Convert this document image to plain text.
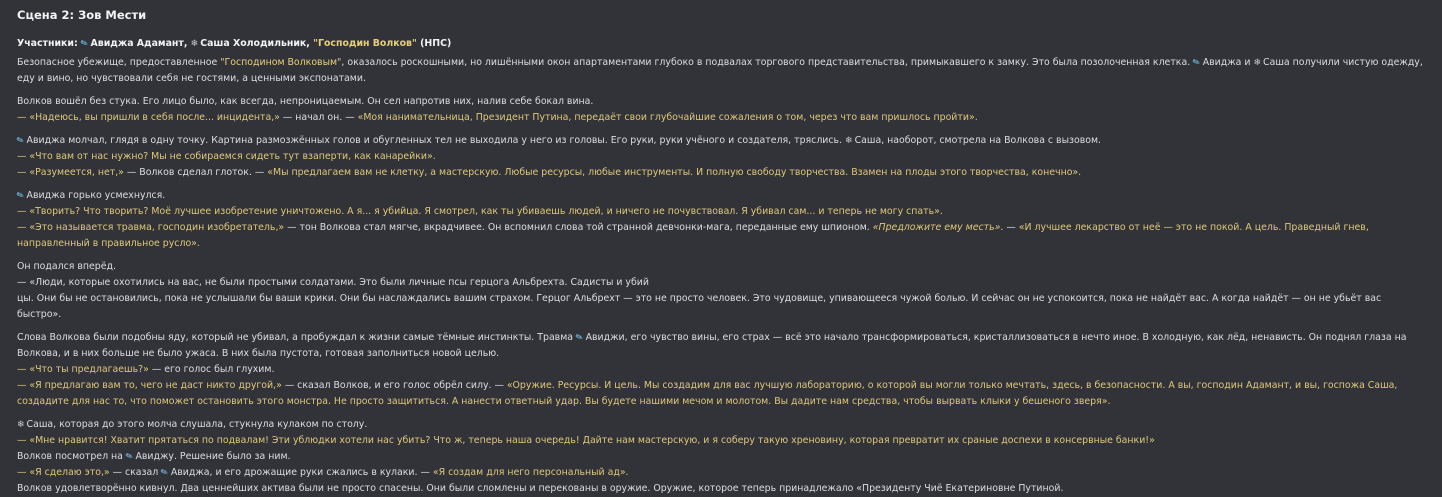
Сцена 2: Зов Мести
Участники: ✎Авиджа Адамант, ❄ Саша Холодильник, "Господин Волков" (НПС)

Безопасное убежище, предоставленное "Господином Волковым", оказалось роскошными, но лишёнными окон апартаментами глубоко в подвалах торгового представительства, примыкавшего к замку. Это была позолоченная клетка. ✎Авиджа и ❄ Саша получили чистую одежду, еду и вино, но чувствовали себя не гостями, а ценными экспонатами.

Волков вошёл без стука. Его лицо было, как всегда, непроницаемым. Он сел напротив них, налив себе бокал вина.
— «Надеюсь, вы пришли в себя после... инцидента,» — начал он. — «Моя нанимательница, Президент Путина, передаёт свои глубочайшие сожаления о том, через что вам пришлось пройти».

✎Авиджа молчал, глядя в одну точку. Картина размозжённых голов и обугленных тел не выходила у него из головы. Его руки, руки учёного и создателя, тряслись. ❄ Саша, наоборот, смотрела на Волкова с вызовом.
— «Что вам от нас нужно? Мы не собираемся сидеть тут взаперти, как канарейки».
— «Разумеется, нет,» — Волков сделал глоток. — «Мы предлагаем вам не клетку, а мастерскую. Любые ресурсы, любые инструменты. И полную свободу творчества. Взамен на плоды этого творчества, конечно».

✎Авиджа горько усмехнулся.
— «Творить? Что творить? Моё лучшее изобретение уничтожено. А я... я убийца. Я смотрел, как ты убиваешь людей, и ничего не почувствовал. Я убивал сам... и теперь не могу спать».
— «Это называется травма, господин изобретатель,» — тон Волкова стал мягче, вкрадчивее. Он вспомнил слова той странной девчонки-мага, переданные ему шпионом. «Предложите ему месть». — «И лучшее лекарство от неё — это не покой. А цель. Праведный гнев, направленный в правильное русло».

Он подался вперёд.
— «Люди, которые охотились на вас, не были простыми солдатами. Это были личные псы герцога Альбрехта. Садисты и убий
цы. Они бы не остановились, пока не услышали бы ваши крики. Они бы наслаждались вашим страхом. Герцог Альбрехт — это не просто человек. Это чудовище, упивающееся чужой болью. И сейчас он не успокоится, пока не найдёт вас. А когда найдёт — он не убьёт вас быстро».

Слова Волкова были подобны яду, который не убивал, а пробуждал к жизни самые тёмные инстинкты. Травма ✎Авиджи, его чувство вины, его страх — всё это начало трансформироваться, кристаллизоваться в нечто иное. В холодную, как лёд, ненависть. Он поднял глаза на Волкова, и в них больше не было ужаса. В них была пустота, готовая заполниться новой целью.
— «Что ты предлагаешь?» — его голос был глухим.
— «Я предлагаю вам то, чего не даст никто другой,» — сказал Волков, и его голос обрёл силу. — «Оружие. Ресурсы. И цель. Мы создадим для вас лучшую лабораторию, о которой вы могли только мечтать, здесь, в безопасности. А вы, господин Адамант, и вы, госпожа Саша, создадите для нас то, что поможет остановить этого монстра. Не просто защититься. А нанести ответный удар. Вы будете нашими мечом и молотом. Вы дадите нам средства, чтобы вырвать клыки у бешеного зверя».

❄ Саша, которая до этого молча слушала, стукнула кулаком по столу.
— «Мне нравится! Хватит прятаться по подвалам! Эти ублюдки хотели нас убить? Что ж, теперь наша очередь! Дайте нам мастерскую, и я соберу такую хреновину, которая превратит их сраные доспехи в консервные банки!»
Волков посмотрел на ✎Авиджу. Решение было за ним.
— «Я сделаю это,» — сказал ✎Авиджа, и его дрожащие руки сжались в кулаки. — «Я создам для него персональный ад».
Волков удовлетворённо кивнул. Два ценнейших актива были не просто спасены. Они были сломлены и перекованы в оружие. Оружие, которое теперь принадлежало «Президенту Чиё Екатериновне Путиной.
